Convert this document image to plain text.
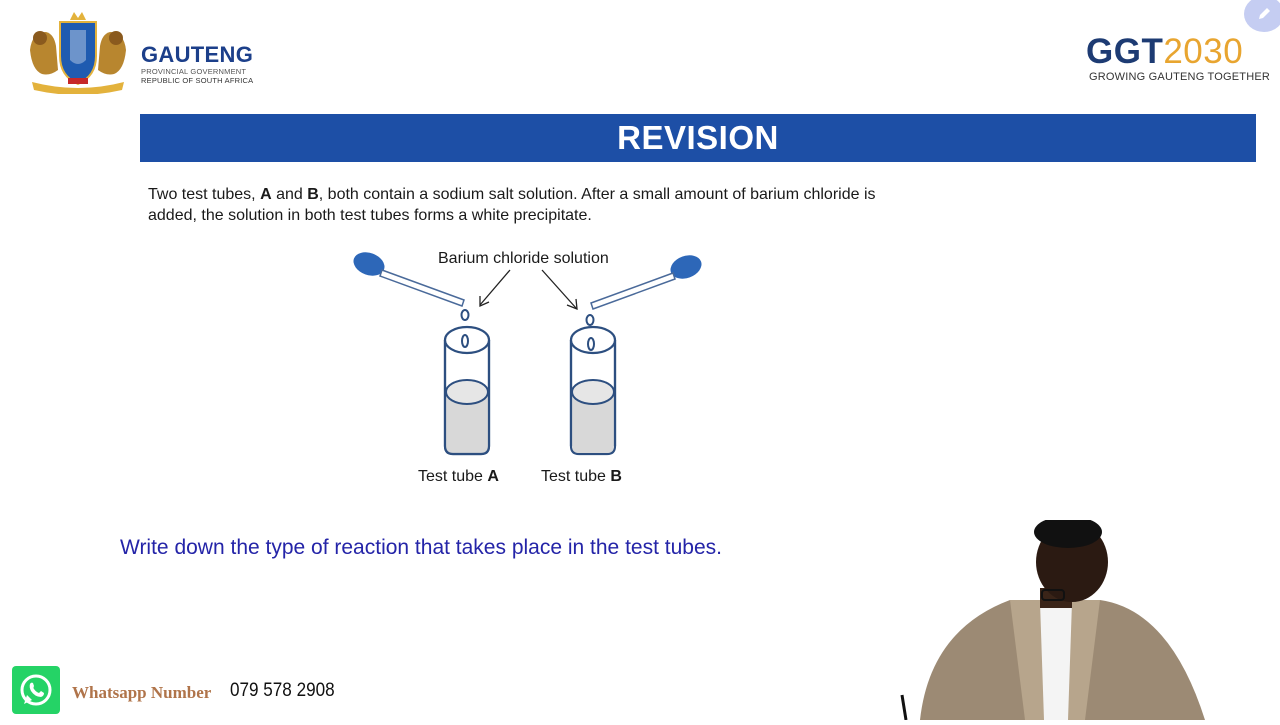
GAUTENG
PROVINCIAL GOVERNMENT
REPUBLIC OF SOUTH AFRICA
GGT2030
GROWING GAUTENG TOGETHER
REVISION
Two test tubes, A and B, both contain a sodium salt solution. After a small amount of barium chloride is added, the solution in both test tubes forms a white precipitate.
Barium chloride solution
Test tube A	Test tube B
Write down the type of reaction that takes place in the test tubes.
Whatsapp Number 079 578 2908
